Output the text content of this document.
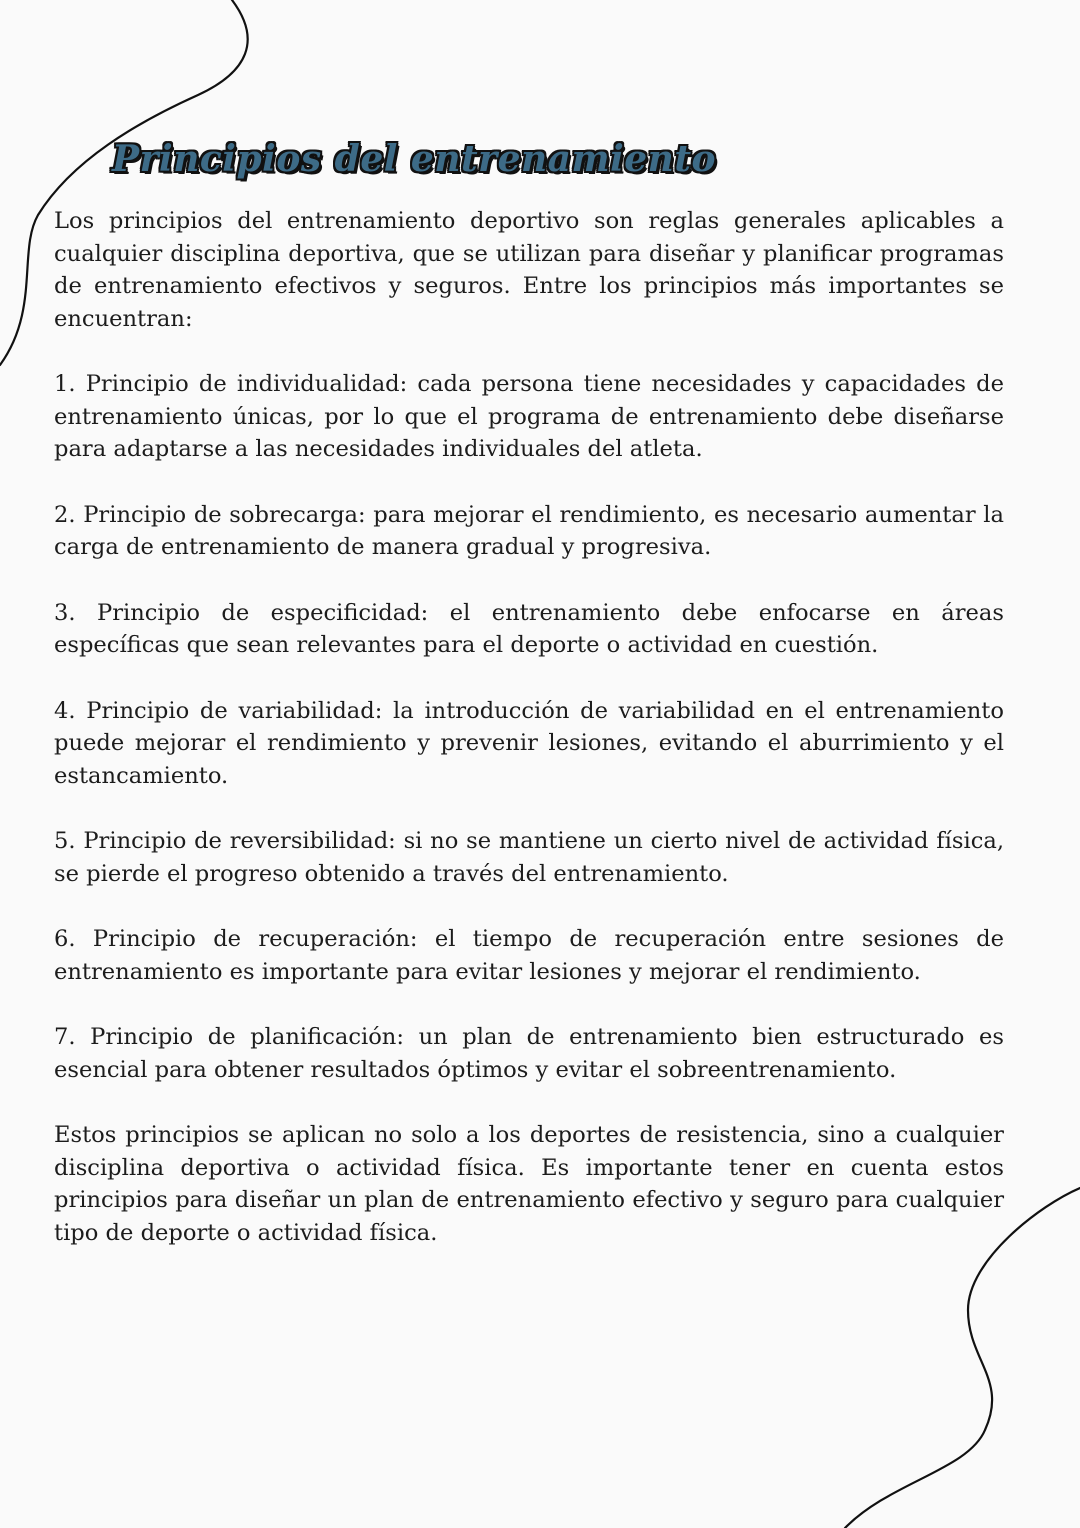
Principios del entrenamiento

Los principios del entrenamiento deportivo son reglas generales aplicables a cualquier disciplina deportiva, que se utilizan para diseñar y planificar programas de entrenamiento efectivos y seguros. Entre los principios más importantes se encuentran:

1. Principio de individualidad: cada persona tiene necesidades y capacidades de entrenamiento únicas, por lo que el programa de entrenamiento debe diseñarse para adaptarse a las necesidades individuales del atleta.

2. Principio de sobrecarga: para mejorar el rendimiento, es necesario aumentar la carga de entrenamiento de manera gradual y progresiva.

3. Principio de especificidad: el entrenamiento debe enfocarse en áreas específicas que sean relevantes para el deporte o actividad en cuestión.

4. Principio de variabilidad: la introducción de variabilidad en el entrenamiento puede mejorar el rendimiento y prevenir lesiones, evitando el aburrimiento y el estancamiento.

5. Principio de reversibilidad: si no se mantiene un cierto nivel de actividad física, se pierde el progreso obtenido a través del entrenamiento.

6. Principio de recuperación: el tiempo de recuperación entre sesiones de entrenamiento es importante para evitar lesiones y mejorar el rendimiento.

7. Principio de planificación: un plan de entrenamiento bien estructurado es esencial para obtener resultados óptimos y evitar el sobreentrenamiento.

Estos principios se aplican no solo a los deportes de resistencia, sino a cualquier disciplina deportiva o actividad física. Es importante tener en cuenta estos principios para diseñar un plan de entrenamiento efectivo y seguro para cualquier tipo de deporte o actividad física.
